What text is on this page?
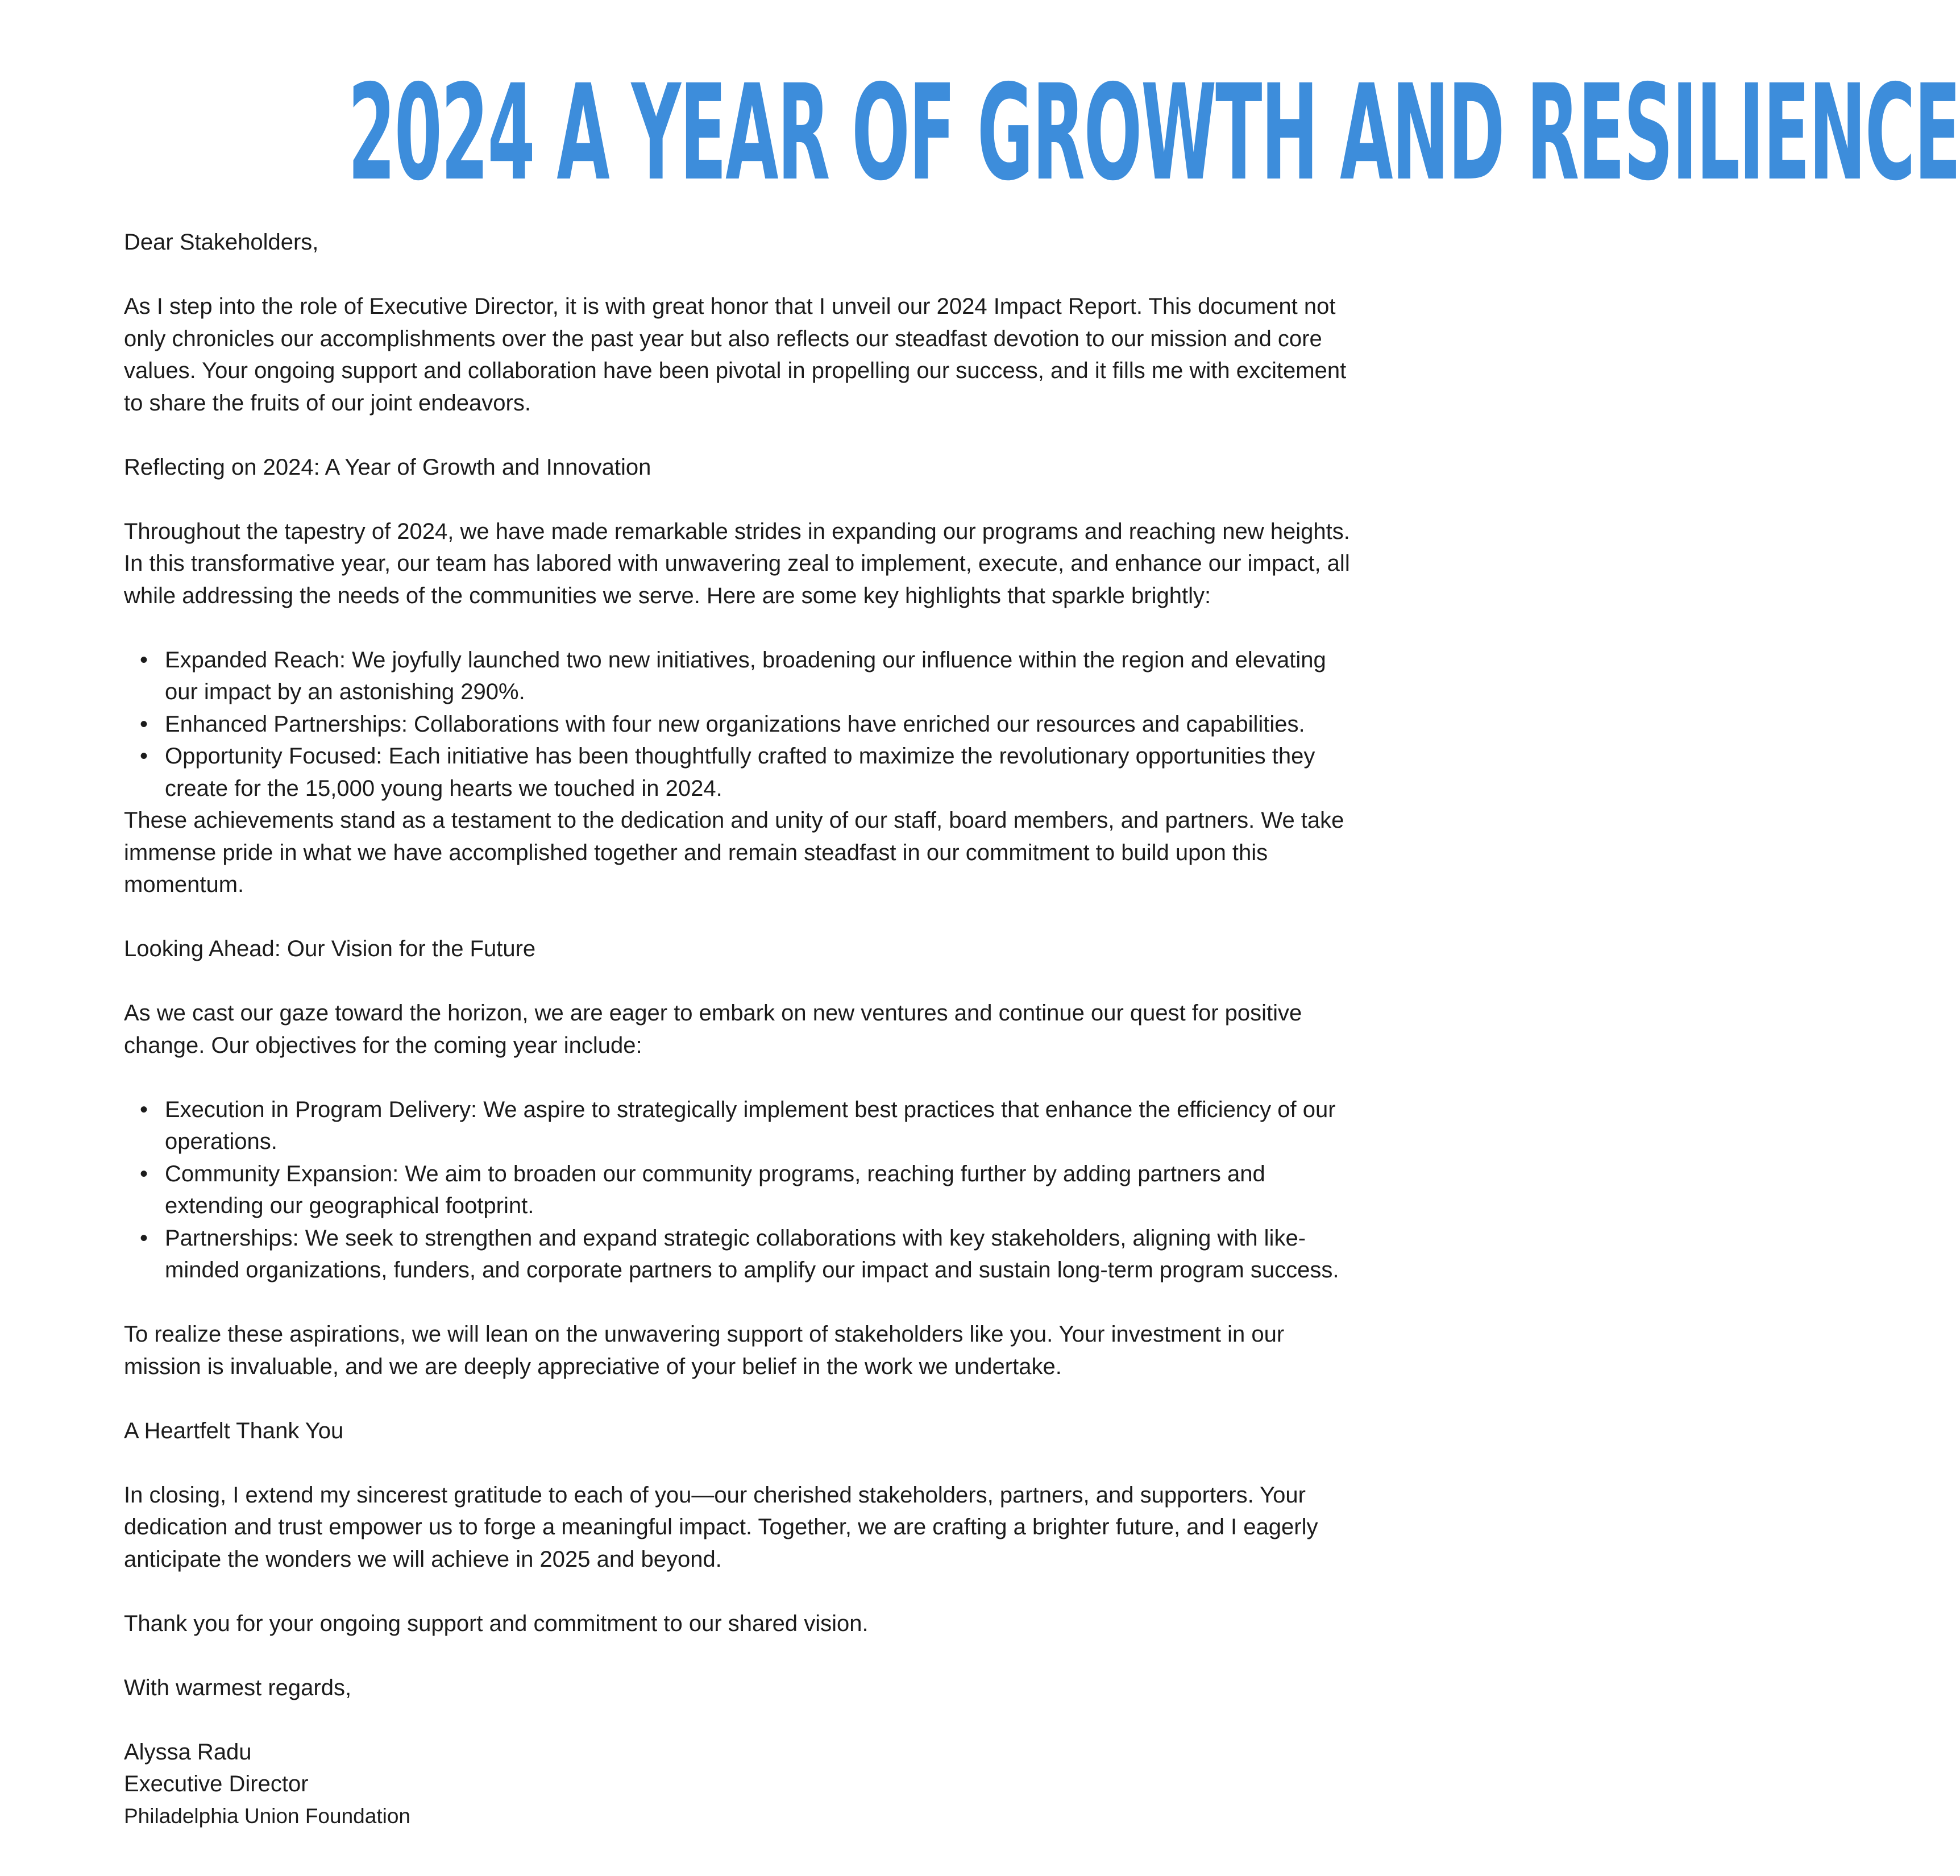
2024 A YEAR OF GROWTH AND RESILIENCE

Dear Stakeholders,

As I step into the role of Executive Director, it is with great honor that I unveil our 2024 Impact Report. This document not only chronicles our accomplishments over the past year but also reflects our steadfast devotion to our mission and core values. Your ongoing support and collaboration have been pivotal in propelling our success, and it fills me with excitement to share the fruits of our joint endeavors.

Reflecting on 2024: A Year of Growth and Innovation

Throughout the tapestry of 2024, we have made remarkable strides in expanding our programs and reaching new heights. In this transformative year, our team has labored with unwavering zeal to implement, execute, and enhance our impact, all while addressing the needs of the communities we serve. Here are some key highlights that sparkle brightly:

• Expanded Reach: We joyfully launched two new initiatives, broadening our influence within the region and elevating our impact by an astonishing 290%.
• Enhanced Partnerships: Collaborations with four new organizations have enriched our resources and capabilities.
• Opportunity Focused: Each initiative has been thoughtfully crafted to maximize the revolutionary opportunities they create for the 15,000 young hearts we touched in 2024.

These achievements stand as a testament to the dedication and unity of our staff, board members, and partners. We take immense pride in what we have accomplished together and remain steadfast in our commitment to build upon this momentum.

Looking Ahead: Our Vision for the Future

As we cast our gaze toward the horizon, we are eager to embark on new ventures and continue our quest for positive change. Our objectives for the coming year include:

• Execution in Program Delivery: We aspire to strategically implement best practices that enhance the efficiency of our operations.
• Community Expansion: We aim to broaden our community programs, reaching further by adding partners and extending our geographical footprint.
• Partnerships: We seek to strengthen and expand strategic collaborations with key stakeholders, aligning with like-minded organizations, funders, and corporate partners to amplify our impact and sustain long-term program success.

To realize these aspirations, we will lean on the unwavering support of stakeholders like you. Your investment in our mission is invaluable, and we are deeply appreciative of your belief in the work we undertake.

A Heartfelt Thank You

In closing, I extend my sincerest gratitude to each of you—our cherished stakeholders, partners, and supporters. Your dedication and trust empower us to forge a meaningful impact. Together, we are crafting a brighter future, and I eagerly anticipate the wonders we will achieve in 2025 and beyond.

Thank you for your ongoing support and commitment to our shared vision.

With warmest regards,

Alyssa Radu

Executive Director

Philadelphia Union Foundation
